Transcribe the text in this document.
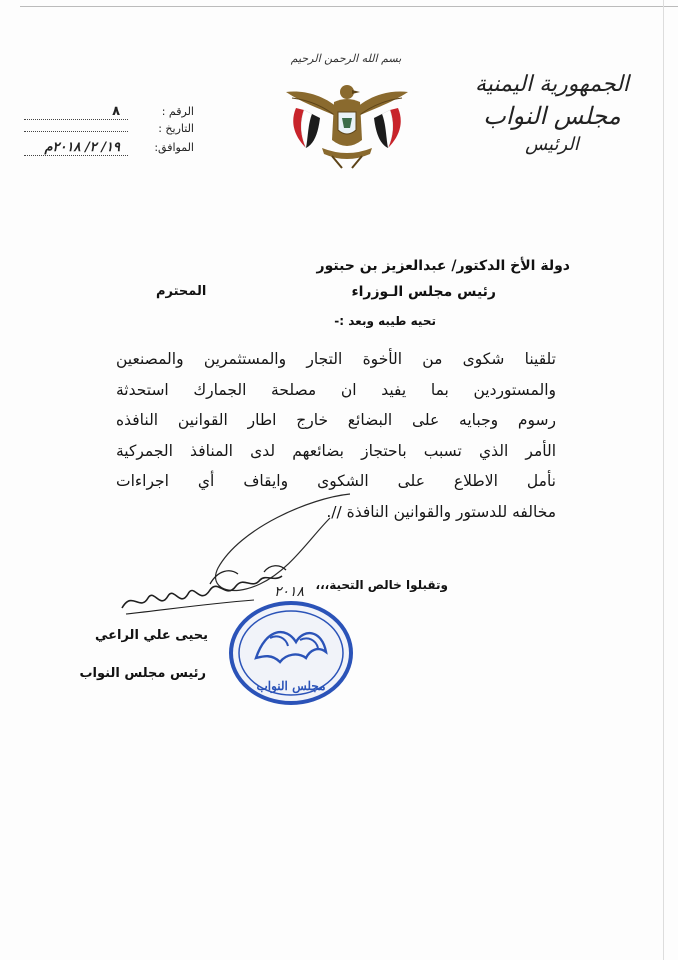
الجمهورية اليمنية
مجلس النواب
الرئيس
بسم الله الرحمن الرحيم
الرقم :
٨
التاريخ :
الموافق:
١٩/ ٢/ ٢٠١٨م
دولة الأخ الدكتور/ عبدالعزيز بن حبتور
رئيس مجلس الـوزراء
المحترم
تحيه طيبه وبعد :-
تلقينا شكوى من الأخوة التجار والمستثمرين والمصنعين
والمستوردين بما يفيد ان مصلحة الجمارك استحدثة
رسوم وجبايه على البضائع خارج اطار القوانين النافذه
الأمر الذي تسبب باحتجاز بضائعهم لدى المنافذ الجمركية
نأمل الاطلاع على الشكوى وايقاف أي اجراءات
مخالفه للدستور والقوانين النافذة //.
وتقبلوا خالص التحية،،،
٢٠١٨
يحيى علي الراعي
رئيس مجلس النواب
مجلس النواب
